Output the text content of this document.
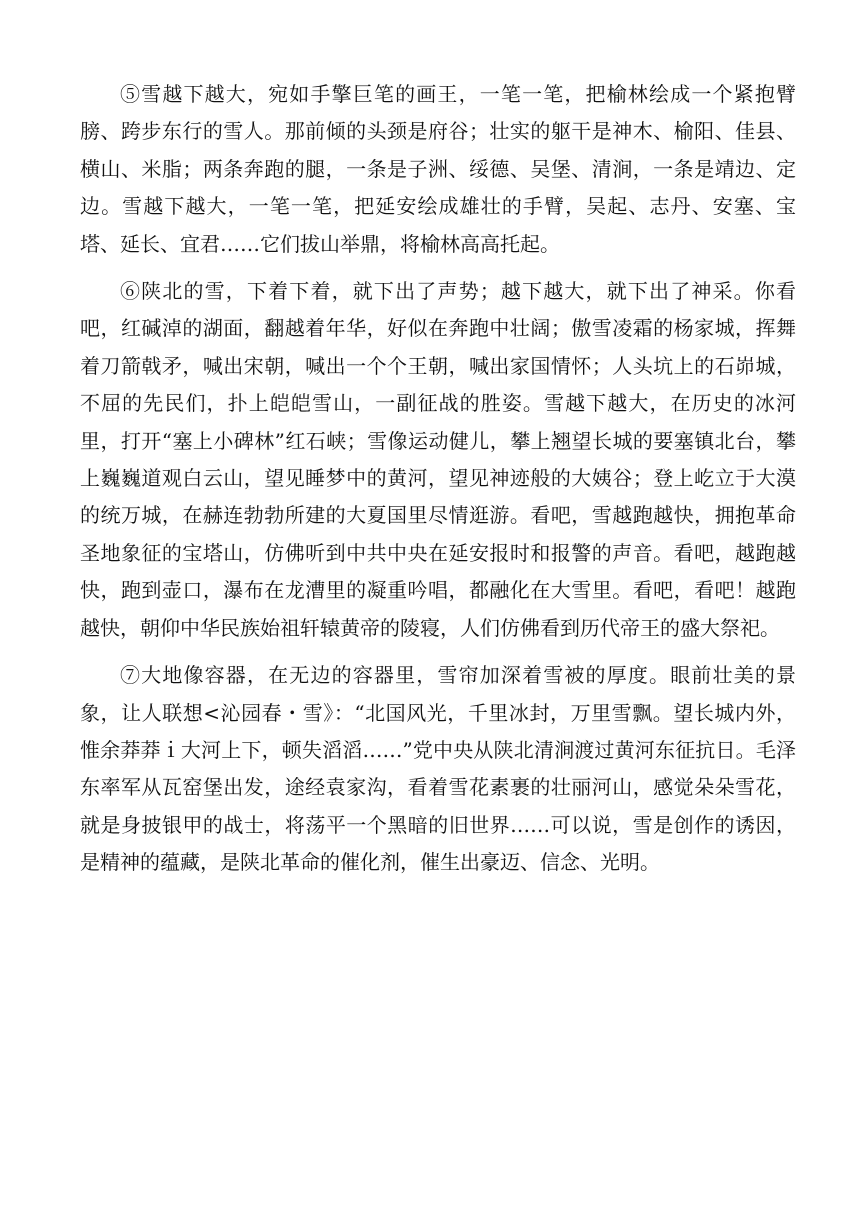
⑤雪越下越大，宛如手擎巨笔的画王，一笔一笔，把榆林绘成一个紧抱臂膀、跨步东行的雪人。那前倾的头颈是府谷；壮实的躯干是神木、榆阳、佳县、横山、米脂；两条奔跑的腿，一条是子洲、绥德、吴堡、清涧，一条是靖边、定边。雪越下越大，一笔一笔，把延安绘成雄壮的手臂，吴起、志丹、安塞、宝塔、延长、宜君……它们拔山举鼎，将榆林高高托起。

⑥陕北的雪，下着下着，就下出了声势；越下越大，就下出了神采。你看吧，红碱淖的湖面，翻越着年华，好似在奔跑中壮阔；傲雪凌霜的杨家城，挥舞着刀箭戟矛，喊出宋朝，喊出一个个王朝，喊出家国情怀；人头坑上的石峁城，不屈的先民们，扑上皑皑雪山，一副征战的胜姿。雪越下越大，在历史的冰河里，打开“塞上小碑林”红石峡；雪像运动健儿，攀上翘望长城的要塞镇北台，攀上巍巍道观白云山，望见睡梦中的黄河，望见神迹般的大姨谷；登上屹立于大漠的统万城，在赫连勃勃所建的大夏国里尽情逛游。看吧，雪越跑越快，拥抱革命圣地象征的宝塔山，仿佛听到中共中央在延安报时和报警的声音。看吧，越跑越快，跑到壶口，瀑布在龙漕里的凝重吟唱，都融化在大雪里。看吧，看吧！越跑越快，朝仰中华民族始祖轩辕黄帝的陵寝，人们仿佛看到历代帝王的盛大祭祀。

⑦大地像容器，在无边的容器里，雪帘加深着雪被的厚度。眼前壮美的景象，让人联想<沁园春・雪》：“北国风光，千里冰封，万里雪飘。望长城内外，惟余莽莽ｉ大河上下，顿失滔滔……”党中央从陕北清涧渡过黄河东征抗日。毛泽东率军从瓦窑堡出发，途经袁家沟，看着雪花素裹的壮丽河山，感觉朵朵雪花，就是身披银甲的战士，将荡平一个黑暗的旧世界……可以说，雪是创作的诱因，是精神的蕴藏，是陕北革命的催化剂，催生出豪迈、信念、光明。
